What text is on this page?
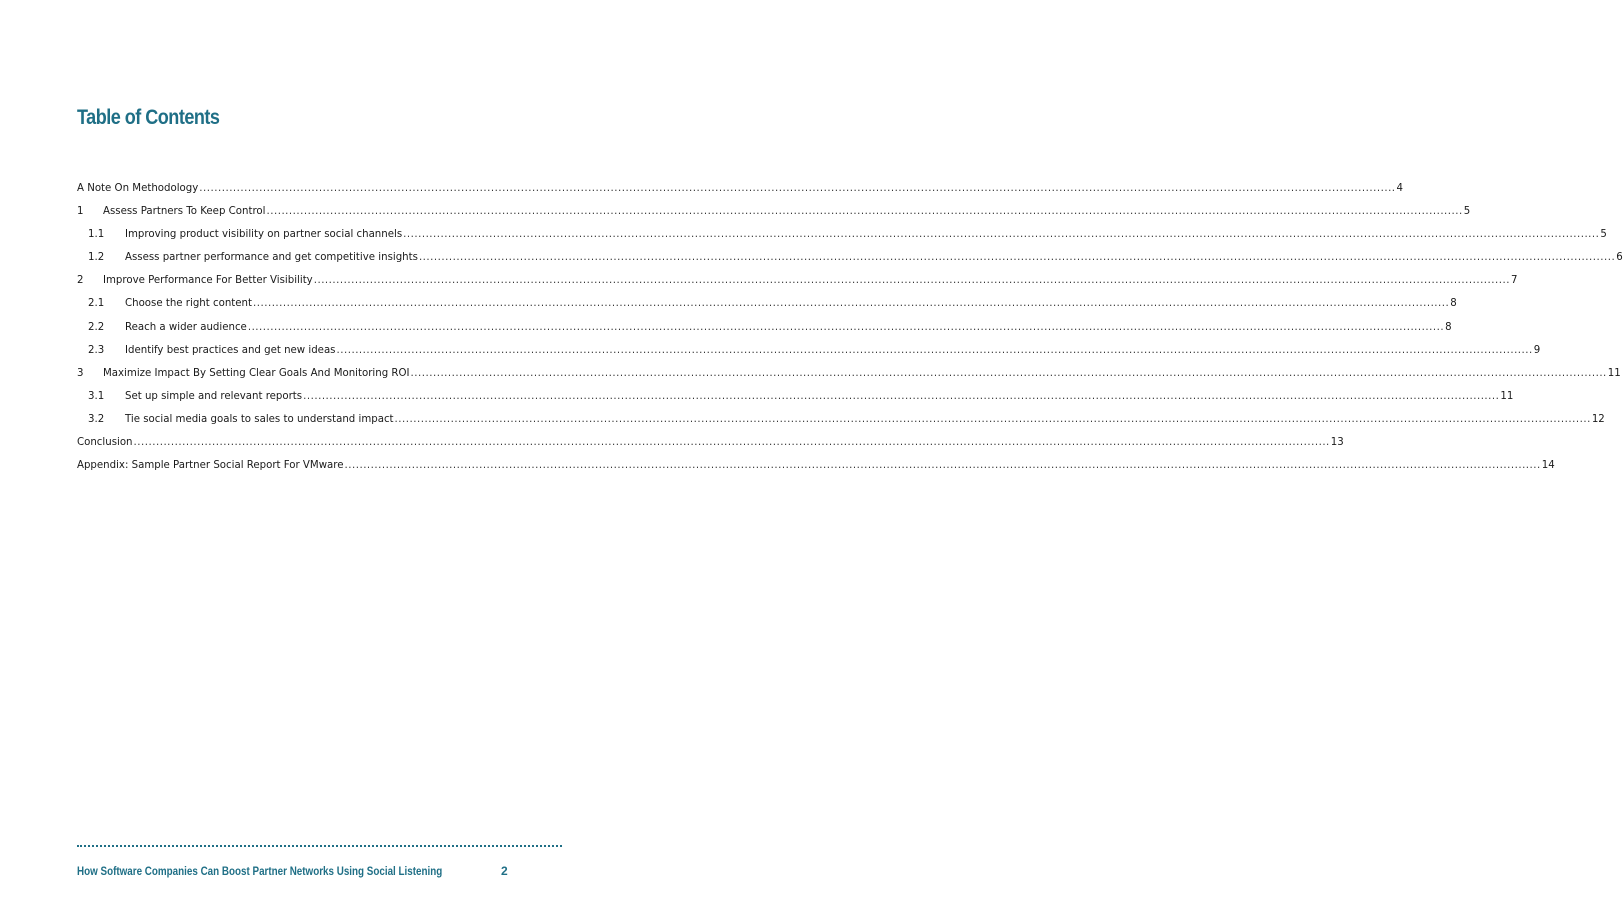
Table of Contents
A Note On Methodology .....	4
1	Assess Partners To Keep Control .....	5
1.1	Improving product visibility on partner social channels .....	5
1.2	Assess partner performance and get competitive insights .....	6
2	Improve Performance For Better Visibility .....	7
2.1	Choose the right content .....	8
2.2	Reach a wider audience .....	8
2.3	Identify best practices and get new ideas .....	9
3	Maximize Impact By Setting Clear Goals And Monitoring ROI .....	11
3.1	Set up simple and relevant reports .....	11
3.2	Tie social media goals to sales to understand impact .....	12
Conclusion .....	13
Appendix: Sample Partner Social Report For VMware .....	14
How Software Companies Can Boost Partner Networks Using Social Listening	2
